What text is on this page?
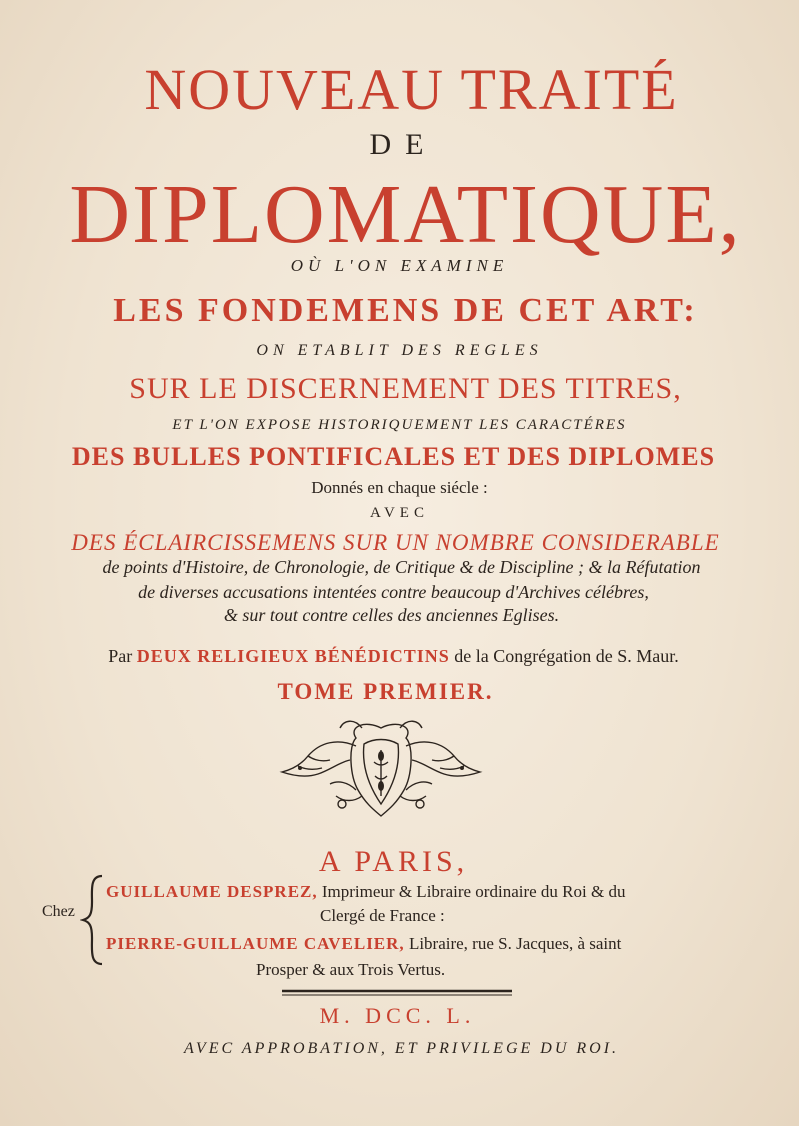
NOUVEAU TRAITÉ
DE
DIPLOMATIQUE,
OÙ L'ON EXAMINE
LES FONDEMENS DE CET ART:
ON ETABLIT DES REGLES
SUR LE DISCERNEMENT DES TITRES,
ET L'ON EXPOSE HISTORIQUEMENT LES CARACTÉRES
DES BULLES PONTIFICALES ET DES DIPLOMES
Donnés en chaque siécle :
AVEC
DES ÉCLAIRCISSEMENS SUR UN NOMBRE CONSIDERABLE
de points d'Histoire, de Chronologie, de Critique & de Discipline ; & la Réfutation
de diverses accusations intentées contre beaucoup d'Archives célébres,
& sur tout contre celles des anciennes Eglises.
Par DEUX RELIGIEUX BÉNÉDICTINS de la Congrégation de S. Maur.
TOME PREMIER.
A PARIS,
Chez
GUILLAUME DESPREZ, Imprimeur & Libraire ordinaire du Roi & du
Clergé de France :
PIERRE-GUILLAUME CAVELIER, Libraire, rue S. Jacques, à saint
Prosper & aux Trois Vertus.
M. DCC. L.
AVEC APPROBATION, ET PRIVILEGE DU ROI.
